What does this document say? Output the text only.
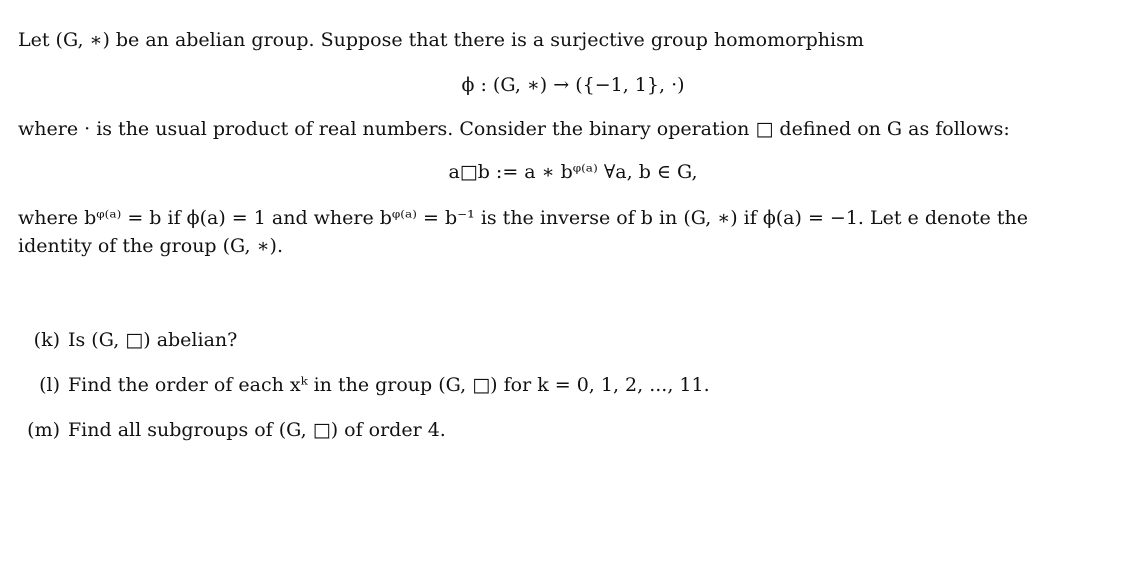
Let (G, ∗) be an abelian group. Suppose that there is a surjective group homomorphism
ϕ : (G, ∗) → ({−1, 1}, ·)
where · is the usual product of real numbers. Consider the binary operation □ defined on G as follows:
a□b := a ∗ bᵠ⁽ᵃ⁾ ∀a, b ∈ G,
where bᵠ⁽ᵃ⁾ = b if ϕ(a) = 1 and where bᵠ⁽ᵃ⁾ = b⁻¹ is the inverse of b in (G, ∗) if ϕ(a) = −1. Let e denote the
identity of the group (G, ∗).
(k) Is (G, □) abelian?
(l) Find the order of each xᵏ in the group (G, □) for k = 0, 1, 2, ..., 11.
(m) Find all subgroups of (G, □) of order 4.
